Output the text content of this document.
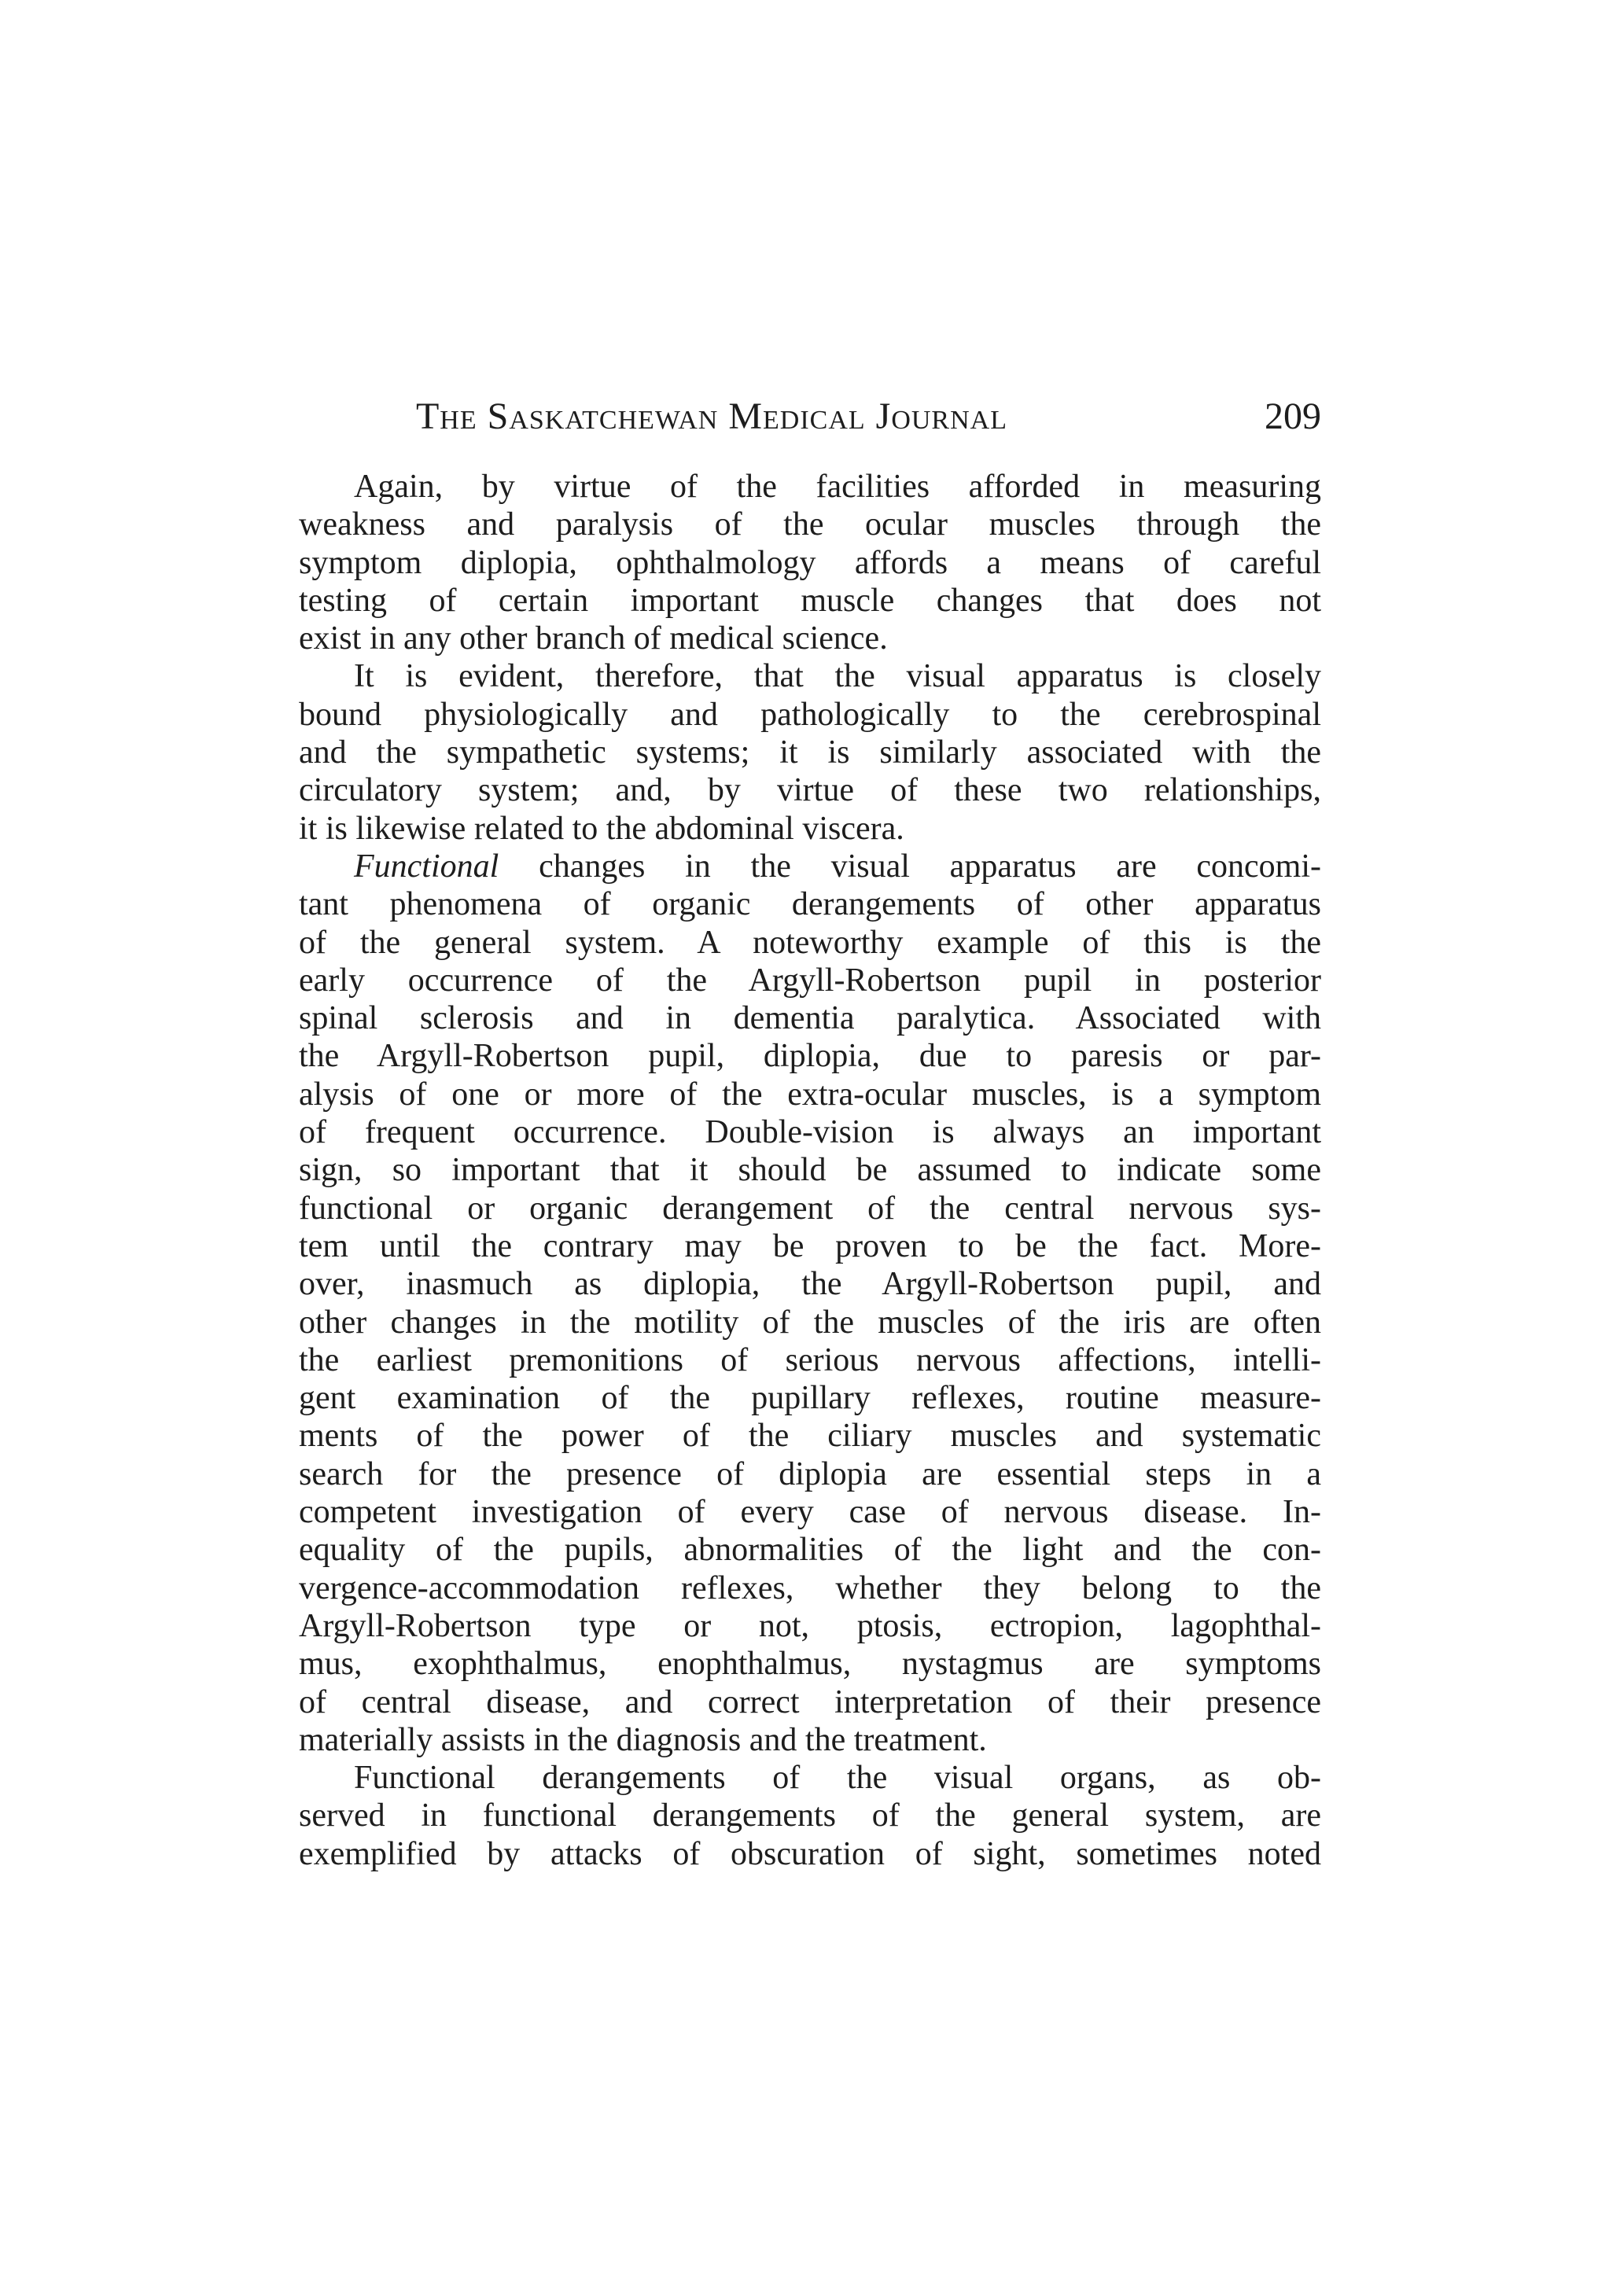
The Saskatchewan Medical Journal	209
Again, by virtue of the facilities afforded in measuring
weakness and paralysis of the ocular muscles through the
symptom diplopia, ophthalmology affords a means of careful
testing of certain important muscle changes that does not
exist in any other branch of medical science.
It is evident, therefore, that the visual apparatus is closely
bound physiologically and pathologically to the cerebrospinal
and the sympathetic systems; it is similarly associated with the
circulatory system; and, by virtue of these two relationships,
it is likewise related to the abdominal viscera.
Functional changes in the visual apparatus are concomi-
tant phenomena of organic derangements of other apparatus
of the general system. A noteworthy example of this is the
early occurrence of the Argyll-Robertson pupil in posterior
spinal sclerosis and in dementia paralytica. Associated with
the Argyll-Robertson pupil, diplopia, due to paresis or par-
alysis of one or more of the extra-ocular muscles, is a symptom
of frequent occurrence. Double-vision is always an important
sign, so important that it should be assumed to indicate some
functional or organic derangement of the central nervous sys-
tem until the contrary may be proven to be the fact. More-
over, inasmuch as diplopia, the Argyll-Robertson pupil, and
other changes in the motility of the muscles of the iris are often
the earliest premonitions of serious nervous affections, intelli-
gent examination of the pupillary reflexes, routine measure-
ments of the power of the ciliary muscles and systematic
search for the presence of diplopia are essential steps in a
competent investigation of every case of nervous disease. In-
equality of the pupils, abnormalities of the light and the con-
vergence-accommodation reflexes, whether they belong to the
Argyll-Robertson type or not, ptosis, ectropion, lagophthal-
mus, exophthalmus, enophthalmus, nystagmus are symptoms
of central disease, and correct interpretation of their presence
materially assists in the diagnosis and the treatment.
Functional derangements of the visual organs, as ob-
served in functional derangements of the general system, are
exemplified by attacks of obscuration of sight, sometimes noted
